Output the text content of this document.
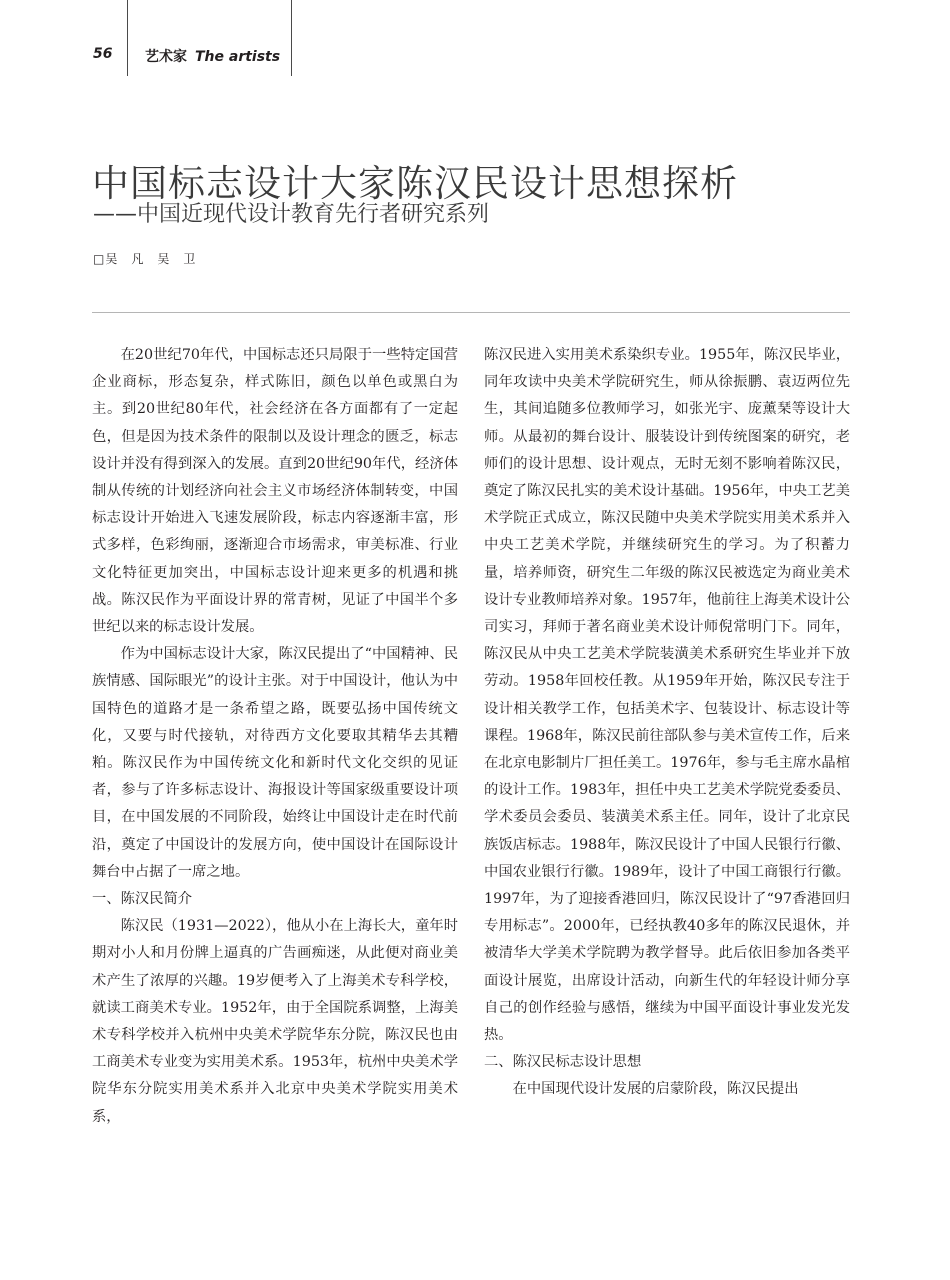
56 艺术家 The artists
中国标志设计大家陈汉民设计思想探析
——中国近现代设计教育先行者研究系列
□吴　凡　吴　卫

在20世纪70年代，中国标志还只局限于一些特定国营企业商标，形态复杂，样式陈旧，颜色以单色或黑白为主。到20世纪80年代，社会经济在各方面都有了一定起色，但是因为技术条件的限制以及设计理念的匮乏，标志设计并没有得到深入的发展。直到20世纪90年代，经济体制从传统的计划经济向社会主义市场经济体制转变，中国标志设计开始进入飞速发展阶段，标志内容逐渐丰富，形式多样，色彩绚丽，逐渐迎合市场需求，审美标准、行业文化特征更加突出，中国标志设计迎来更多的机遇和挑战。陈汉民作为平面设计界的常青树，见证了中国半个多世纪以来的标志设计发展。

作为中国标志设计大家，陈汉民提出了“中国精神、民族情感、国际眼光”的设计主张。对于中国设计，他认为中国特色的道路才是一条希望之路，既要弘扬中国传统文化，又要与时代接轨，对待西方文化要取其精华去其糟粕。陈汉民作为中国传统文化和新时代文化交织的见证者，参与了许多标志设计、海报设计等国家级重要设计项目，在中国发展的不同阶段，始终让中国设计走在时代前沿，奠定了中国设计的发展方向，使中国设计在国际设计舞台中占据了一席之地。

一、陈汉民简介

陈汉民（1931—2022），他从小在上海长大，童年时期对小人和月份牌上逼真的广告画痴迷，从此便对商业美术产生了浓厚的兴趣。19岁便考入了上海美术专科学校，就读工商美术专业。1952年，由于全国院系调整，上海美术专科学校并入杭州中央美术学院华东分院，陈汉民也由工商美术专业变为实用美术系。1953年，杭州中央美术学院华东分院实用美术系并入北京中央美术学院实用美术系，

陈汉民进入实用美术系染织专业。1955年，陈汉民毕业，同年攻读中央美术学院研究生，师从徐振鹏、袁迈两位先生，其间追随多位教师学习，如张光宇、庞薰琹等设计大师。从最初的舞台设计、服装设计到传统图案的研究，老师们的设计思想、设计观点，无时无刻不影响着陈汉民，奠定了陈汉民扎实的美术设计基础。1956年，中央工艺美术学院正式成立，陈汉民随中央美术学院实用美术系并入中央工艺美术学院，并继续研究生的学习。为了积蓄力量，培养师资，研究生二年级的陈汉民被选定为商业美术设计专业教师培养对象。1957年，他前往上海美术设计公司实习，拜师于著名商业美术设计师倪常明门下。同年，陈汉民从中央工艺美术学院装潢美术系研究生毕业并下放劳动。1958年回校任教。从1959年开始，陈汉民专注于设计相关教学工作，包括美术字、包装设计、标志设计等课程。1968年，陈汉民前往部队参与美术宣传工作，后来在北京电影制片厂担任美工。1976年，参与毛主席水晶棺的设计工作。1983年，担任中央工艺美术学院党委委员、学术委员会委员、装潢美术系主任。同年，设计了北京民族饭店标志。1988年，陈汉民设计了中国人民银行行徽、中国农业银行行徽。1989年，设计了中国工商银行行徽。1997年，为了迎接香港回归，陈汉民设计了“97香港回归专用标志”。2000年，已经执教40多年的陈汉民退休，并被清华大学美术学院聘为教学督导。此后依旧参加各类平面设计展览，出席设计活动，向新生代的年轻设计师分享自己的创作经验与感悟，继续为中国平面设计事业发光发热。

二、陈汉民标志设计思想

在中国现代设计发展的启蒙阶段，陈汉民提出
